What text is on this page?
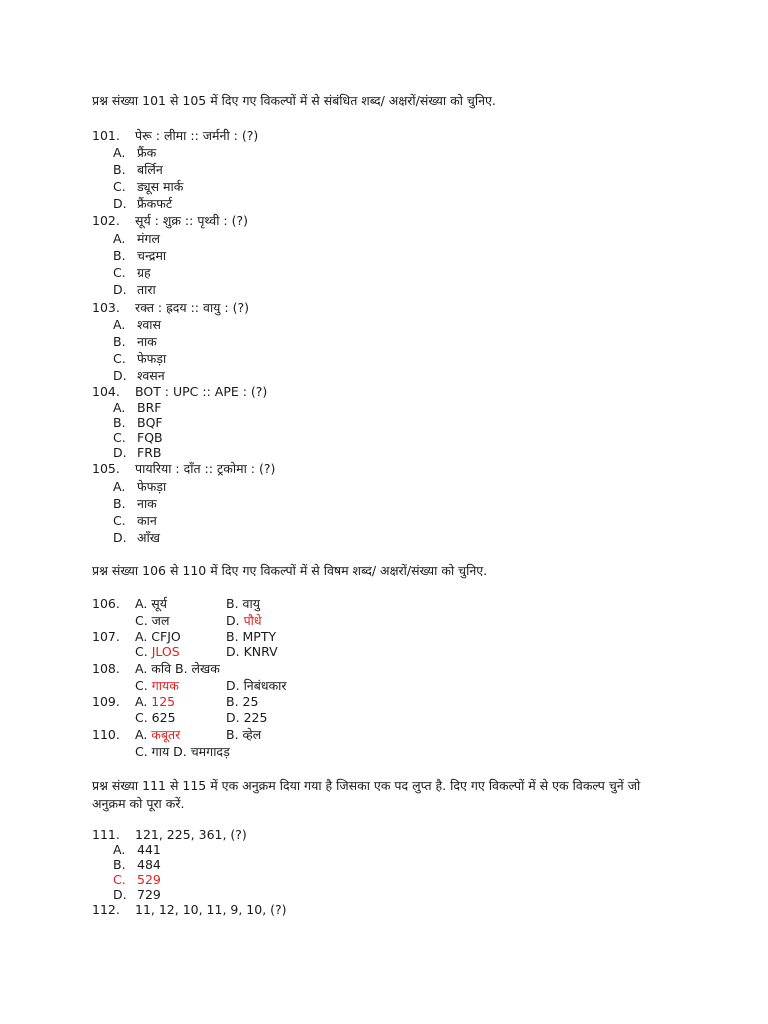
प्रश्न संख्या 101 से 105 में दिए गए विकल्पों में से संबंधित शब्द/ अक्षरों/संख्या को चुनिए.
101. पेरू : लीमा :: जर्मनी : (?)
A. फ्रैंक
B. बर्लिन
C. ड्यूस मार्क
D. फ्रैंकफर्ट
102. सूर्य : शुक्र :: पृथ्वी : (?)
A. मंगल
B. चन्द्रमा
C. ग्रह
D. तारा
103. रक्त : ह्रदय :: वायु : (?)
A. श्वास
B. नाक
C. फेफड़ा
D. श्वसन
104. BOT : UPC :: APE : (?)
A. BRF
B. BQF
C. FQB
D. FRB
105. पायरिया : दाँत :: ट्रकोमा : (?)
A. फेफड़ा
B. नाक
C. कान
D. आँख
प्रश्न संख्या 106 से 110 में दिए गए विकल्पों में से विषम शब्द/ अक्षरों/संख्या को चुनिए.
106. A. सूर्य	B. वायु
C. जल	D. पौधे
107. A. CFJO	B. MPTY
C. JLOS	D. KNRV
108. A. कवि B. लेखक
C. गायक	D. निबंधकार
109. A. 125	B. 25
C. 625	D. 225
110. A. कबूतर	B. व्हेल
C. गाय D. चमगादड़
प्रश्न संख्या 111 से 115 में एक अनुक्रम दिया गया है जिसका एक पद लुप्त है. दिए गए विकल्पों में से एक विकल्प चुनें जो
अनुक्रम को पूरा करें.
111. 121, 225, 361, (?)
A. 441
B. 484
C. 529
D. 729
112. 11, 12, 10, 11, 9, 10, (?)
